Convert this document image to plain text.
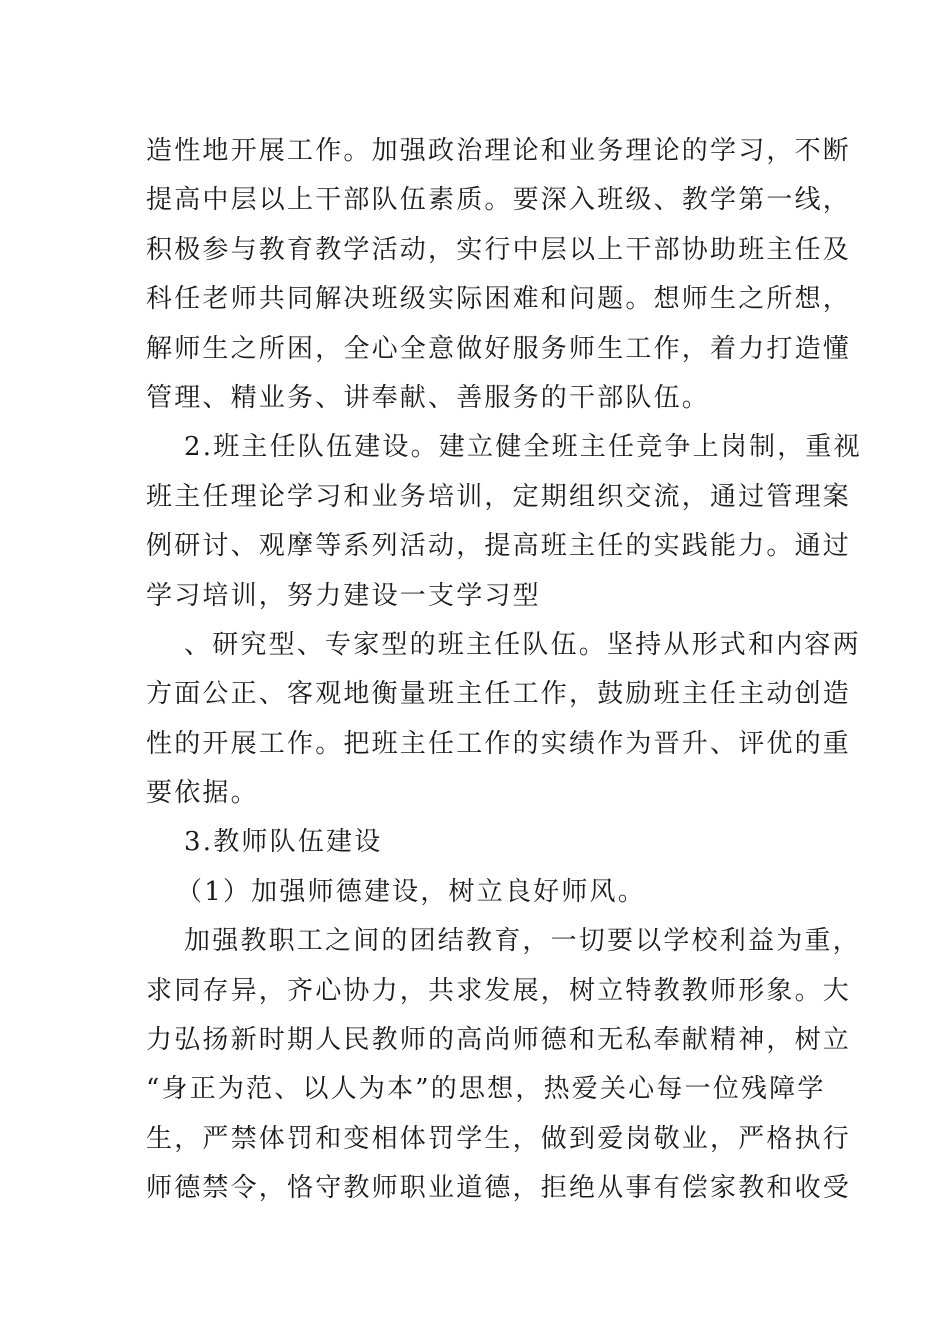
造性地开展工作。加强政治理论和业务理论的学习，不断
提高中层以上干部队伍素质。要深入班级、教学第一线，
积极参与教育教学活动，实行中层以上干部协助班主任及
科任老师共同解决班级实际困难和问题。想师生之所想，
解师生之所困，全心全意做好服务师生工作，着力打造懂
管理、精业务、讲奉献、善服务的干部队伍。
2.班主任队伍建设。建立健全班主任竞争上岗制，重视
班主任理论学习和业务培训，定期组织交流，通过管理案
例研讨、观摩等系列活动，提高班主任的实践能力。通过
学习培训，努力建设一支学习型
、研究型、专家型的班主任队伍。坚持从形式和内容两
方面公正、客观地衡量班主任工作，鼓励班主任主动创造
性的开展工作。把班主任工作的实绩作为晋升、评优的重
要依据。
3.教师队伍建设
（1）加强师德建设，树立良好师风。
加强教职工之间的团结教育，一切要以学校利益为重，
求同存异，齐心协力，共求发展，树立特教教师形象。大
力弘扬新时期人民教师的高尚师德和无私奉献精神，树立
“身正为范、以人为本”的思想，热爱关心每一位残障学
生，严禁体罚和变相体罚学生，做到爱岗敬业，严格执行
师德禁令，恪守教师职业道德，拒绝从事有偿家教和收受
